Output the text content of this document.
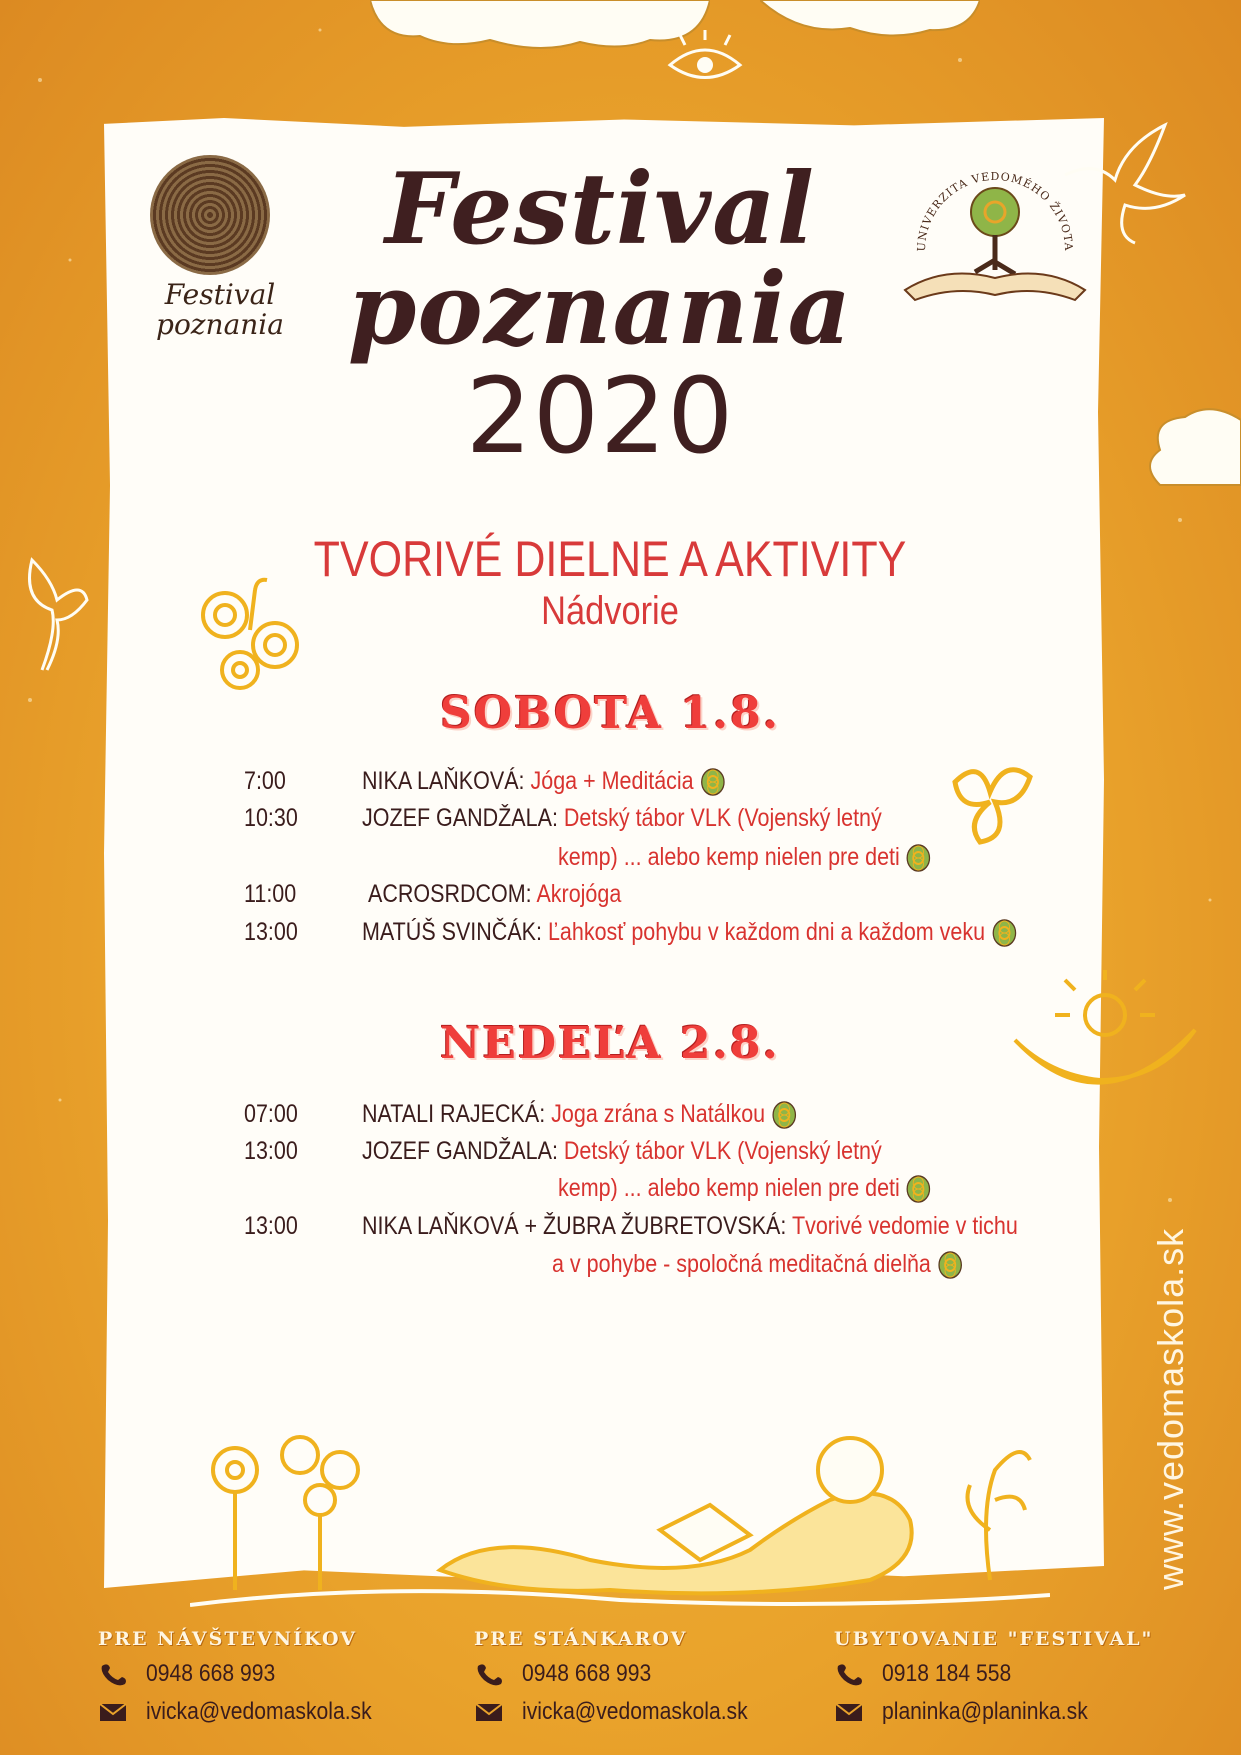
Festival
poznania
UNIVERZITA VEDOMÉHO ŽIVOTA
Festival
poznania
2020
TVORIVÉ DIELNE A AKTIVITY
Nádvorie
SOBOTA 1.8.
7:00	NIKA LAŇKOVÁ: Jóga + Meditácia
10:30	JOZEF GANDŽALA: Detský tábor VLK (Vojenský letný
kemp) ... alebo kemp nielen pre deti
11:00	ACROSRDCOM: Akrojóga
13:00	MATÚŠ SVINČÁK: Ľahkosť pohybu v každom dni a každom veku
NEDEĽA 2.8.
07:00	NATALI RAJECKÁ: Joga zrána s Natálkou
13:00	JOZEF GANDŽALA: Detský tábor VLK (Vojenský letný
kemp) ... alebo kemp nielen pre deti
13:00	NIKA LAŇKOVÁ + ŽUBRA ŽUBRETOVSKÁ: Tvorivé vedomie v tichu
a v pohybe - spoločná meditačná dielňa	www.vedomaskola.sk
PRE NÁVŠTEVNÍKOV
0948 668 993
ivicka@vedomaskola.sk
PRE STÁNKAROV
0948 668 993
ivicka@vedomaskola.sk
UBYTOVANIE "FESTIVAL"
0918 184 558
planinka@planinka.sk
